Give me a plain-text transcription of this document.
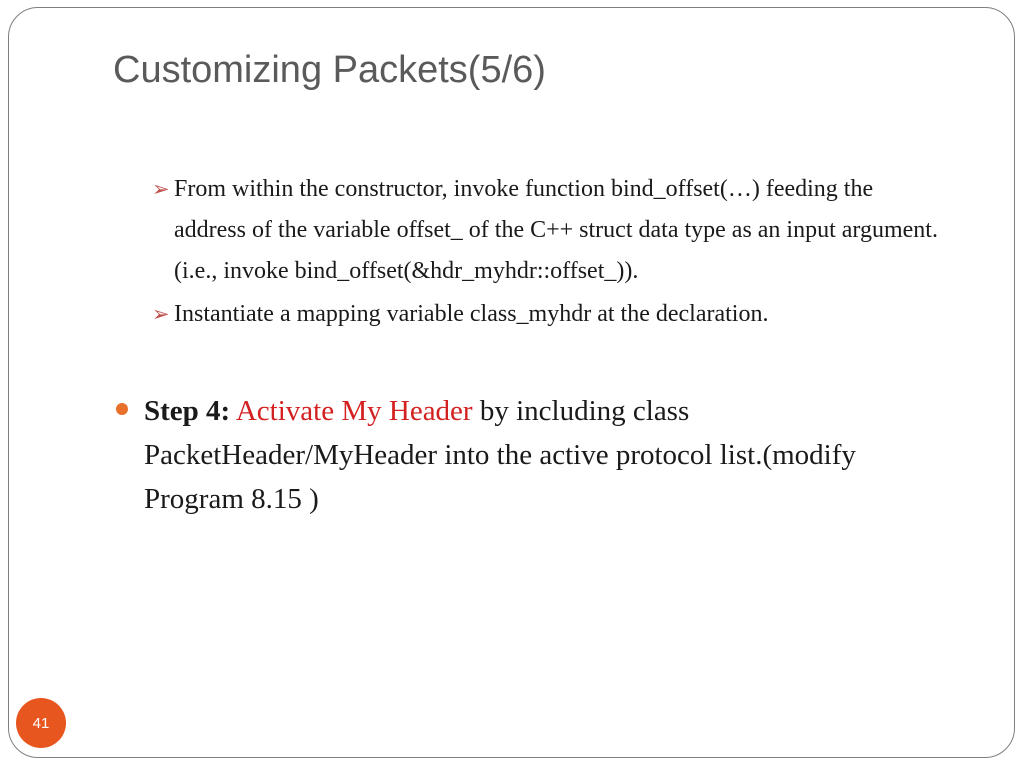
Customizing Packets(5/6)
➢ From within the constructor, invoke function bind_offset(…) feeding the address of the variable offset_ of the C++ struct data type as an input argument. (i.e., invoke bind_offset(&hdr_myhdr::offset_)).
➢ Instantiate a mapping variable class_myhdr at the declaration.
Step 4: Activate My Header by including class PacketHeader/MyHeader into the active protocol list.(modify Program 8.15 )
41
